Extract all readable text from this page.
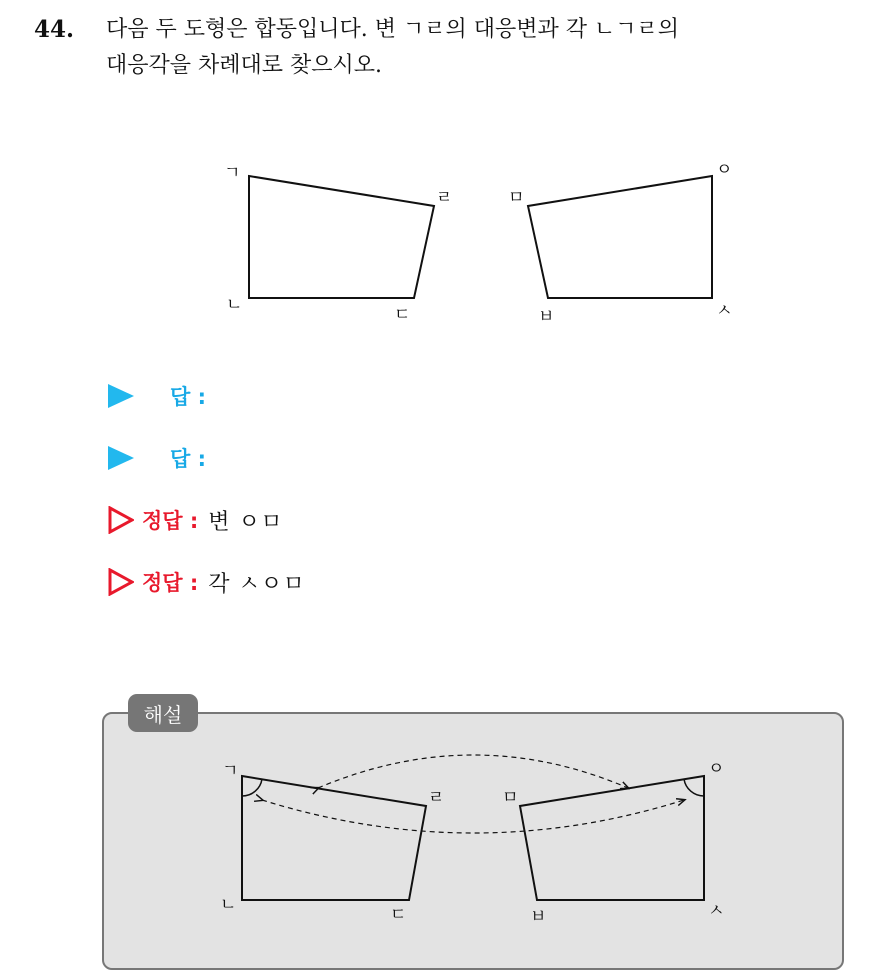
44. 다음 두 도형은 합동입니다. 변 ㄱㄹ의 대응변과 각 ㄴㄱㄹ의
대응각을 차례대로 찾으시오.
ㄱ
ㄹ
ㄴ	ㄷ
ㅁ
ㅇ
ㅂ	ㅅ
답 :
답 :
정답 : 변 ㅇㅁ
정답 : 각 ㅅㅇㅁ
해설
ㄱ
ㄹ
ㄴ	ㄷ
ㅁ
ㅇ
ㅂ	ㅅ
